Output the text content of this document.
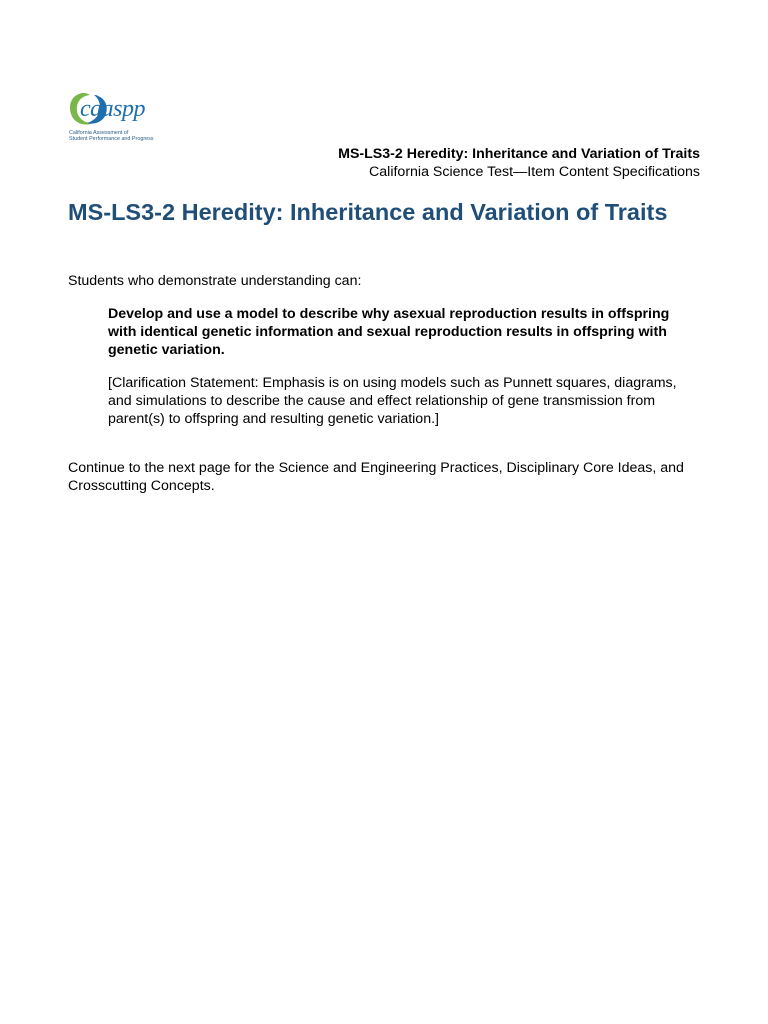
caaspp
California Assessment of
Student Performance and Progress
MS-LS3-2 Heredity: Inheritance and Variation of Traits
California Science Test—Item Content Specifications
MS-LS3-2 Heredity: Inheritance and Variation of Traits

Students who demonstrate understanding can:

Develop and use a model to describe why asexual reproduction results in offspring with identical genetic information and sexual reproduction results in offspring with genetic variation.

[Clarification Statement: Emphasis is on using models such as Punnett squares, diagrams, and simulations to describe the cause and effect relationship of gene transmission from parent(s) to offspring and resulting genetic variation.]

Continue to the next page for the Science and Engineering Practices, Disciplinary Core Ideas, and Crosscutting Concepts.
